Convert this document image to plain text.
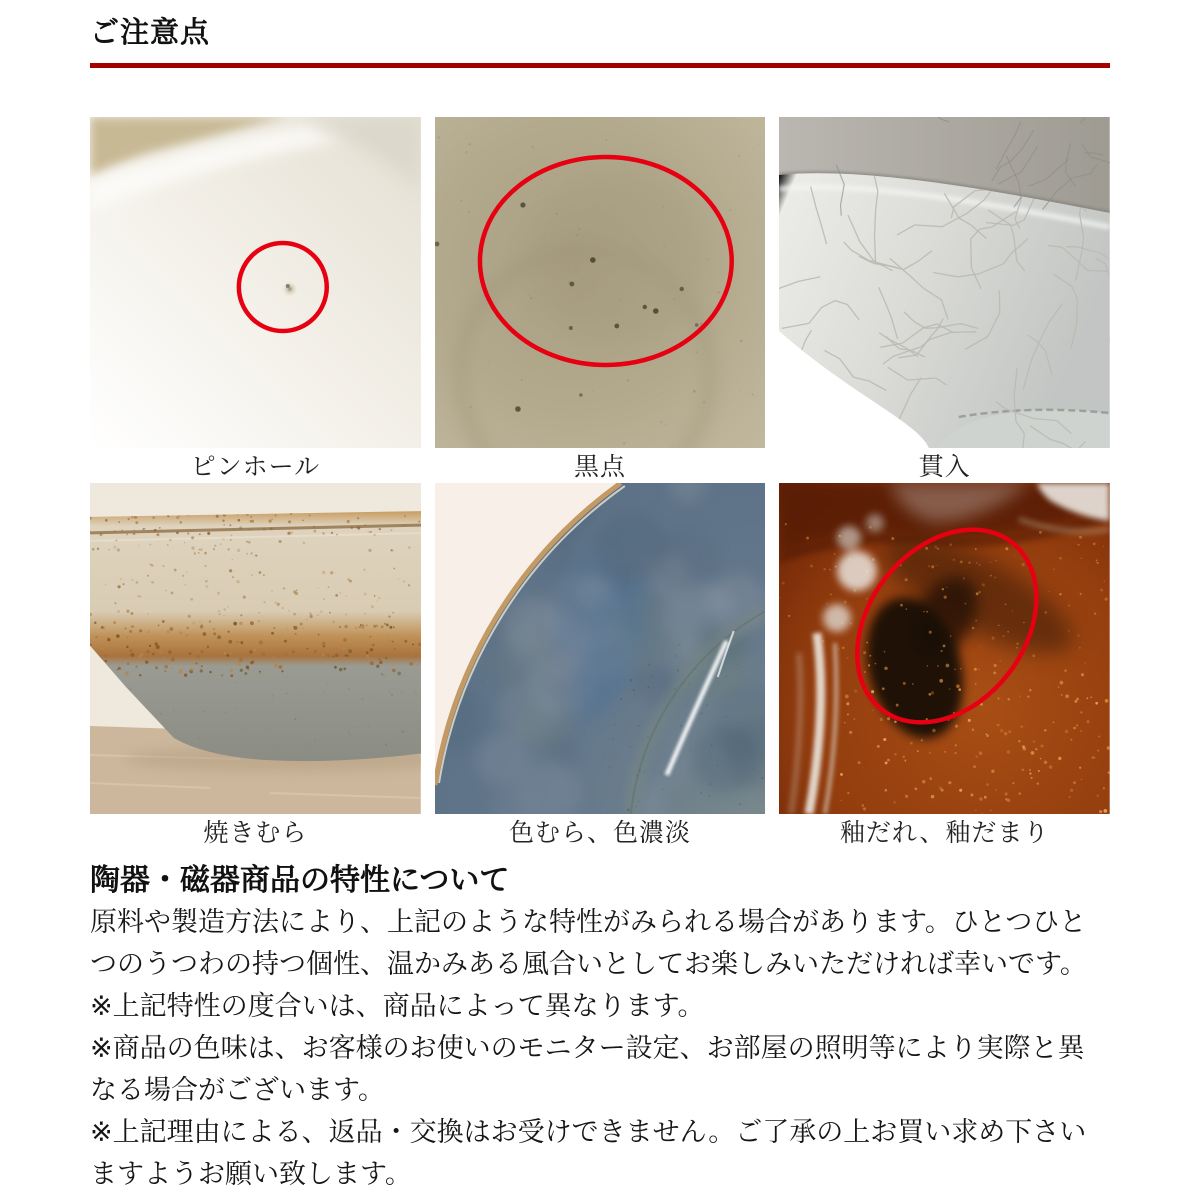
ご注意点
ピンホール	黒点	貫入
焼きむら	色むら、色濃淡	釉だれ、釉だまり
陶器・磁器商品の特性について

原料や製造方法により、上記のような特性がみられる場合があります。ひとつひとつのうつわの持つ個性、温かみある風合いとしてお楽しみいただければ幸いです。

※上記特性の度合いは、商品によって異なります。

※商品の色味は、お客様のお使いのモニター設定、お部屋の照明等により実際と異なる場合がございます。

※上記理由による、返品・交換はお受けできません。ご了承の上お買い求め下さいますようお願い致します。
